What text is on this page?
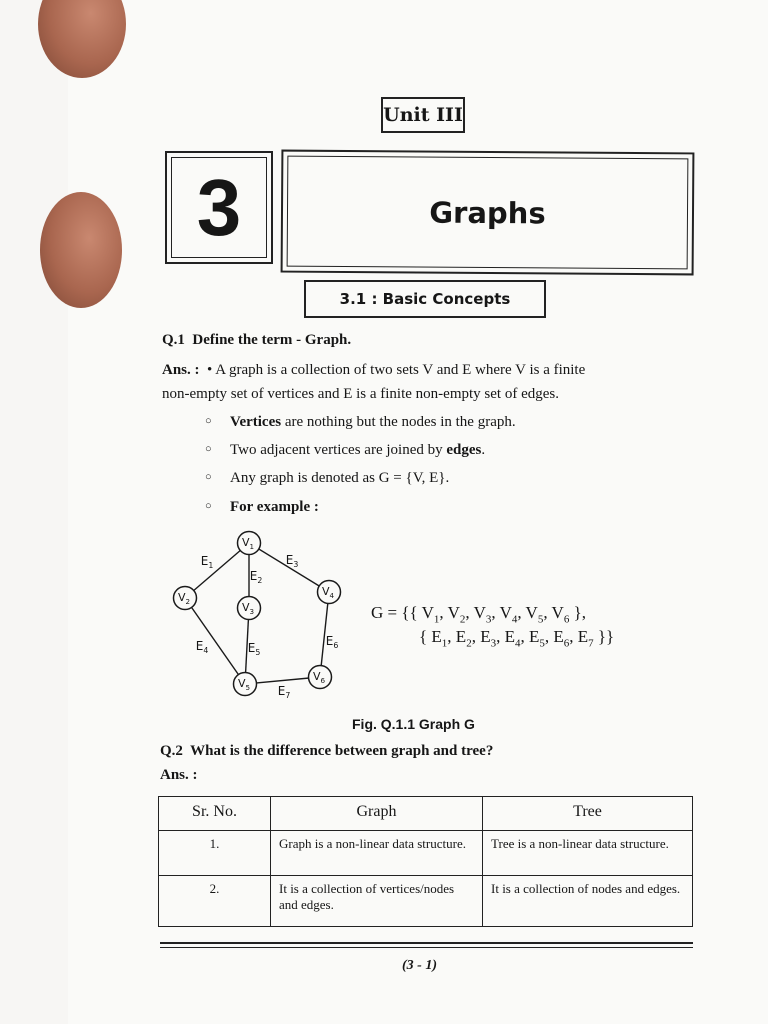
Unit III
3	Graphs
3.1 : Basic Concepts
Q.1 Define the term - Graph.
Ans. : • A graph is a collection of two sets V and E where V is a finite
non-empty set of vertices and E is a finite non-empty set of edges.
○ Vertices are nothing but the nodes in the graph.
○ Two adjacent vertices are joined by edges.
○ Any graph is denoted as G = {V, E}.
○ For example :
$V_1$
$V_2$	$V_3$
$V_4$
$V_5$
$V_6$
$E_1$
$E_2$
$E_3$
$E_4$	$E_5$
$E_6$
$E_7$
G = {{ $V_1$, $V_2$, $V_3$, $V_4$, $V_5$, $V_6$ },
{ $E_1$, $E_2$, $E_3$, $E_4$, $E_5$, $E_6$, $E_7$ }}
Fig. Q.1.1 Graph G
Q.2 What is the difference between graph and tree?
Ans. :
Sr. No.	Graph	Tree
1.	Graph is a non-linear data structure.	Tree is a non-linear data structure.
2.	It is a collection of vertices/nodes and edges.	It is a collection of nodes and edges.
(3 - 1)
